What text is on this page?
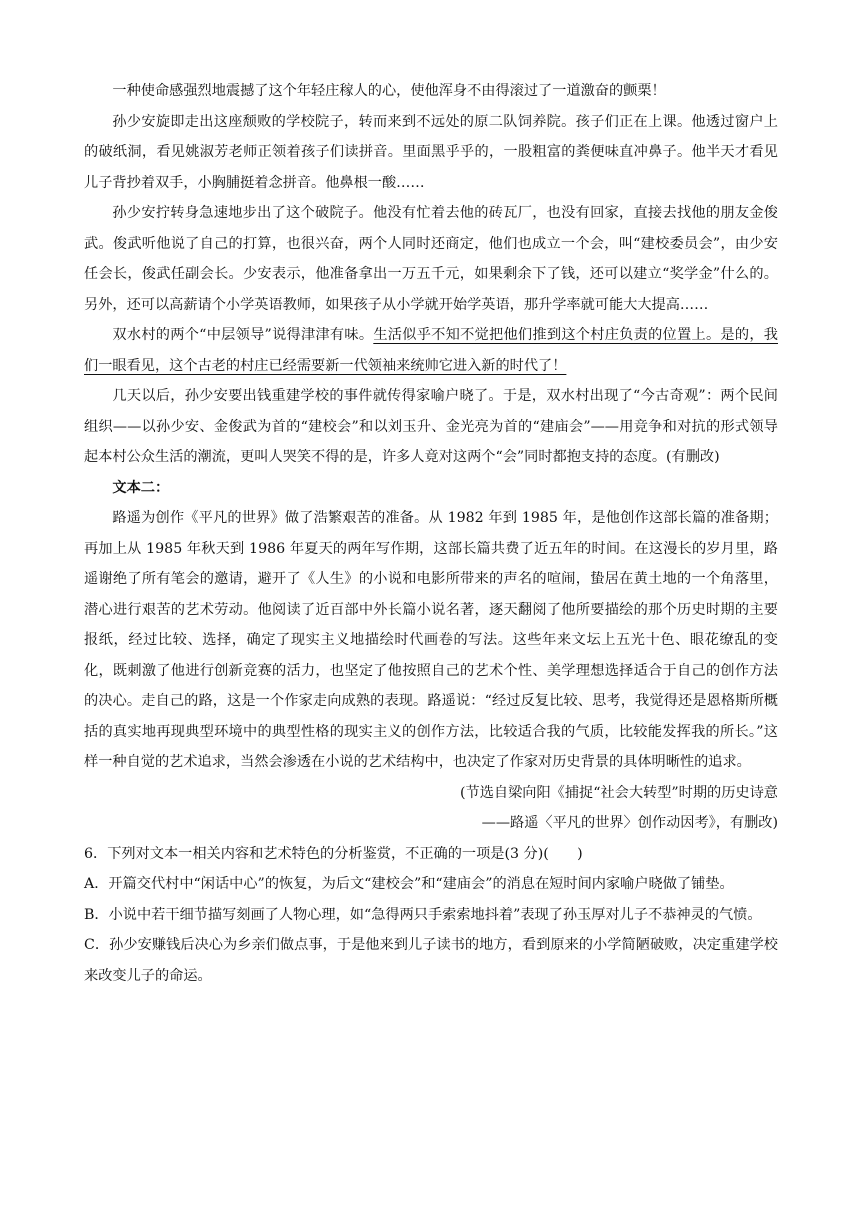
一种使命感强烈地震撼了这个年轻庄稼人的心，使他浑身不由得滚过了一道激奋的颤栗！

孙少安旋即走出这座颓败的学校院子，转而来到不远处的原二队饲养院。孩子们正在上课。他透过窗户上的破纸洞，看见姚淑芳老师正领着孩子们读拼音。里面黑乎乎的，一股粗富的粪便味直冲鼻子。他半天才看见儿子背抄着双手，小胸脯挺着念拼音。他鼻根一酸……

孙少安拧转身急速地步出了这个破院子。他没有忙着去他的砖瓦厂，也没有回家，直接去找他的朋友金俊武。俊武听他说了自己的打算，也很兴奋，两个人同时还商定，他们也成立一个会，叫“建校委员会”，由少安任会长，俊武任副会长。少安表示，他准备拿出一万五千元，如果剩余下了钱，还可以建立“奖学金”什么的。另外，还可以高薪请个小学英语教师，如果孩子从小学就开始学英语，那升学率就可能大大提高……

双水村的两个“中层领导”说得津津有味。生活似乎不知不觉把他们推到这个村庄负责的位置上。是的，我们一眼看见，这个古老的村庄已经需要新一代领袖来统帅它进入新的时代了！

几天以后，孙少安要出钱重建学校的事件就传得家喻户晓了。于是，双水村出现了“今古奇观”：两个民间组织——以孙少安、金俊武为首的“建校会”和以刘玉升、金光亮为首的“建庙会”——用竞争和对抗的形式领导起本村公众生活的潮流，更叫人哭笑不得的是，许多人竟对这两个“会”同时都抱支持的态度。(有删改)

文本二：

路遥为创作《平凡的世界》做了浩繁艰苦的准备。从 1982 年到 1985 年，是他创作这部长篇的准备期；再加上从 1985 年秋天到 1986 年夏天的两年写作期，这部长篇共费了近五年的时间。在这漫长的岁月里，路遥谢绝了所有笔会的邀请，避开了《人生》的小说和电影所带来的声名的喧闹，蛰居在黄土地的一个角落里，潜心进行艰苦的艺术劳动。他阅读了近百部中外长篇小说名著，逐天翻阅了他所要描绘的那个历史时期的主要报纸，经过比较、选择，确定了现实主义地描绘时代画卷的写法。这些年来文坛上五光十色、眼花缭乱的变化，既刺激了他进行创新竞赛的活力，也坚定了他按照自己的艺术个性、美学理想选择适合于自己的创作方法的决心。走自己的路，这是一个作家走向成熟的表现。路遥说：“经过反复比较、思考，我觉得还是恩格斯所概括的真实地再现典型环境中的典型性格的现实主义的创作方法，比较适合我的气质，比较能发挥我的所长。”这样一种自觉的艺术追求，当然会渗透在小说的艺术结构中，也决定了作家对历史背景的具体明晰性的追求。

(节选自梁向阳《捕捉“社会大转型”时期的历史诗意

——路遥〈平凡的世界〉创作动因考》，有删改)

6．下列对文本一相关内容和艺术特色的分析鉴赏，不正确的一项是(3 分)(　　)

A．开篇交代村中“闲话中心”的恢复，为后文“建校会”和“建庙会”的消息在短时间内家喻户晓做了铺垫。

B．小说中若干细节描写刻画了人物心理，如“急得两只手索索地抖着”表现了孙玉厚对儿子不恭神灵的气愤。

C．孙少安赚钱后决心为乡亲们做点事，于是他来到儿子读书的地方，看到原来的小学简陋破败，决定重建学校来改变儿子的命运。
